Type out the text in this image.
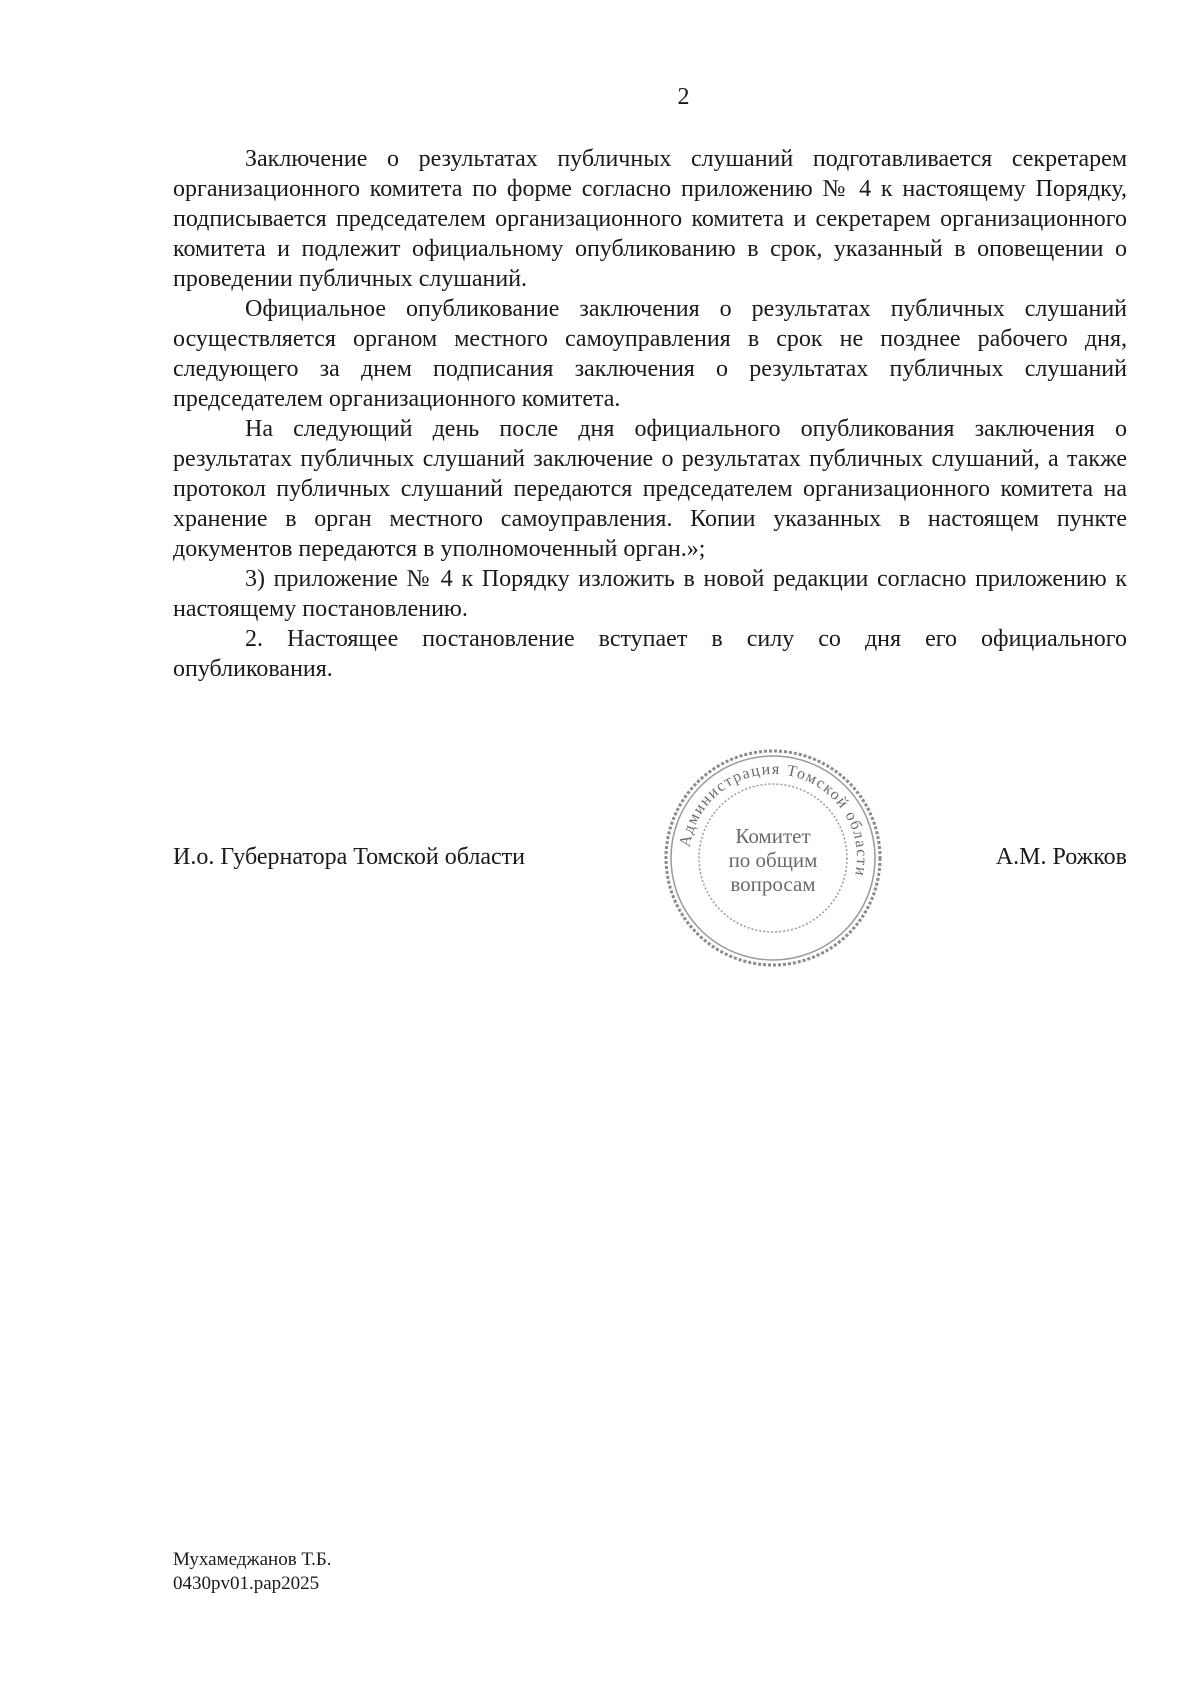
2

Заключение о результатах публичных слушаний подготавливается секретарем организационного комитета по форме согласно приложению № 4 к настоящему Порядку, подписывается председателем организационного комитета и секретарем организационного комитета и подлежит официальному опубликованию в срок, указанный в оповещении о проведении публичных слушаний.

Официальное опубликование заключения о результатах публичных слушаний осуществляется органом местного самоуправления в срок не позднее рабочего дня, следующего за днем подписания заключения о результатах публичных слушаний председателем организационного комитета.

На следующий день после дня официального опубликования заключения о результатах публичных слушаний заключение о результатах публичных слушаний, а также протокол публичных слушаний передаются председателем организационного комитета на хранение в орган местного самоуправления. Копии указанных в настоящем пункте документов передаются в уполномоченный орган.»;

3) приложение № 4 к Порядку изложить в новой редакции согласно приложению к настоящему постановлению.

2. Настоящее постановление вступает в силу со дня его официального опубликования.

И.о. Губернатора Томской области	А.М. Рожков
Администрация Томской области
Комитет
по общим
вопросам
Мухамеджанов Т.Б.
0430pv01.pap2025
